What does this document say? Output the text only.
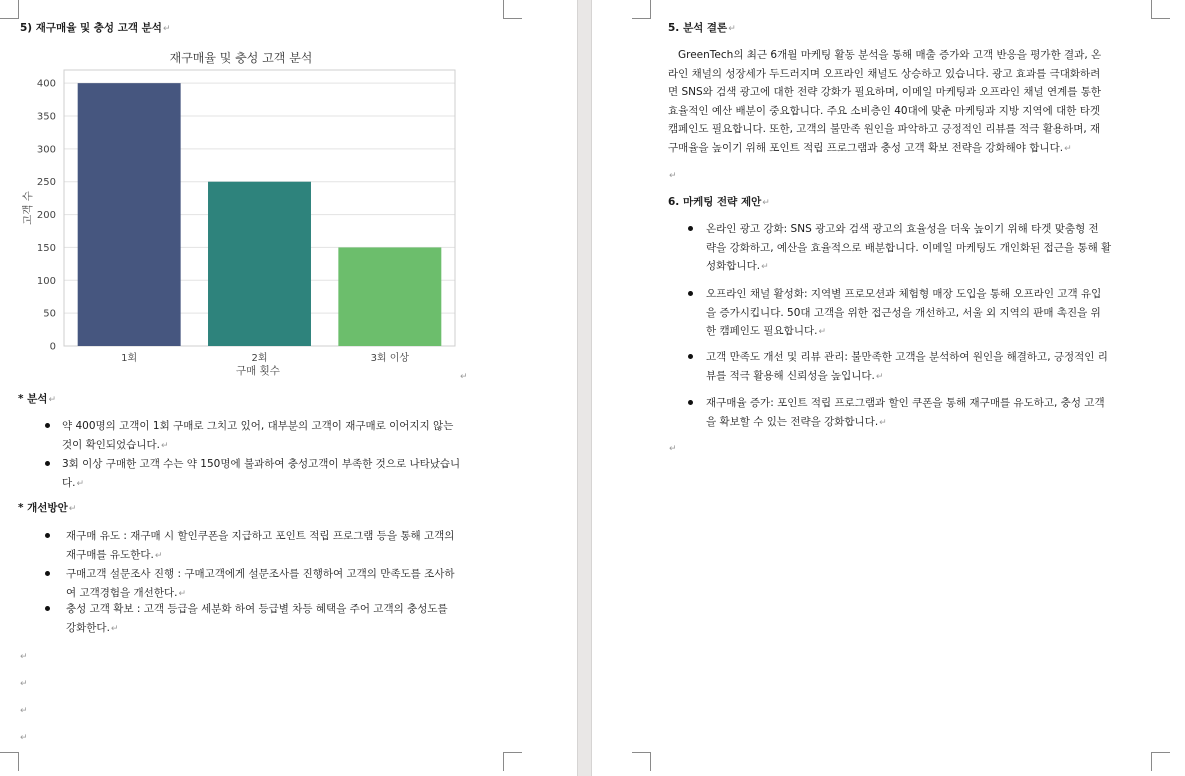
5) 재구매율 및 충성 고객 분석↵
재구매율 및 충성 고객 분석
0
50
100
150
200
250
300
350
400
1회	2회	3회 이상
구매 횟수
고객 수
↵
* 분석↵
약 400명의 고객이 1회 구매로 그치고 있어, 대부분의 고객이 재구매로 이어지지 않는
것이 확인되었습니다.↵
3회 이상 구매한 고객 수는 약 150명에 불과하여 충성고객이 부족한 것으로 나타났습니
다.↵
* 개선방안↵
재구매 유도 : 재구매 시 할인쿠폰을 지급하고 포인트 적립 프로그램 등을 통해 고객의
재구매를 유도한다.↵
구매고객 설문조사 진행 : 구매고객에게 설문조사를 진행하여 고객의 만족도를 조사하
여 고객경험을 개선한다.↵
충성 고객 확보 : 고객 등급을 세분화 하여 등급별 차등 혜택을 주어 고객의 충성도를
강화한다.↵
↵
↵
↵
↵
5. 분석 결론↵
GreenTech의 최근 6개월 마케팅 활동 분석을 통해 매출 증가와 고객 반응을 평가한 결과, 온
라인 채널의 성장세가 두드러지며 오프라인 채널도 상승하고 있습니다. 광고 효과를 극대화하려
면 SNS와 검색 광고에 대한 전략 강화가 필요하며, 이메일 마케팅과 오프라인 채널 연계를 통한
효율적인 예산 배분이 중요합니다. 주요 소비층인 40대에 맞춘 마케팅과 지방 지역에 대한 타겟
캠페인도 필요합니다. 또한, 고객의 불만족 원인을 파악하고 긍정적인 리뷰를 적극 활용하며, 재
구매율을 높이기 위해 포인트 적립 프로그램과 충성 고객 확보 전략을 강화해야 합니다.↵
↵
6. 마케팅 전략 제안↵
온라인 광고 강화: SNS 광고와 검색 광고의 효율성을 더욱 높이기 위해 타겟 맞춤형 전
략을 강화하고, 예산을 효율적으로 배분합니다. 이메일 마케팅도 개인화된 접근을 통해 활
성화합니다.↵
오프라인 채널 활성화: 지역별 프로모션과 체험형 매장 도입을 통해 오프라인 고객 유입
을 증가시킵니다. 50대 고객을 위한 접근성을 개선하고, 서울 외 지역의 판매 촉진을 위
한 캠페인도 필요합니다.↵
고객 만족도 개선 및 리뷰 관리: 불만족한 고객을 분석하여 원인을 해결하고, 긍정적인 리
뷰를 적극 활용해 신뢰성을 높입니다.↵
재구매율 증가: 포인트 적립 프로그램과 할인 쿠폰을 통해 재구매를 유도하고, 충성 고객
을 확보할 수 있는 전략을 강화합니다.↵
↵
